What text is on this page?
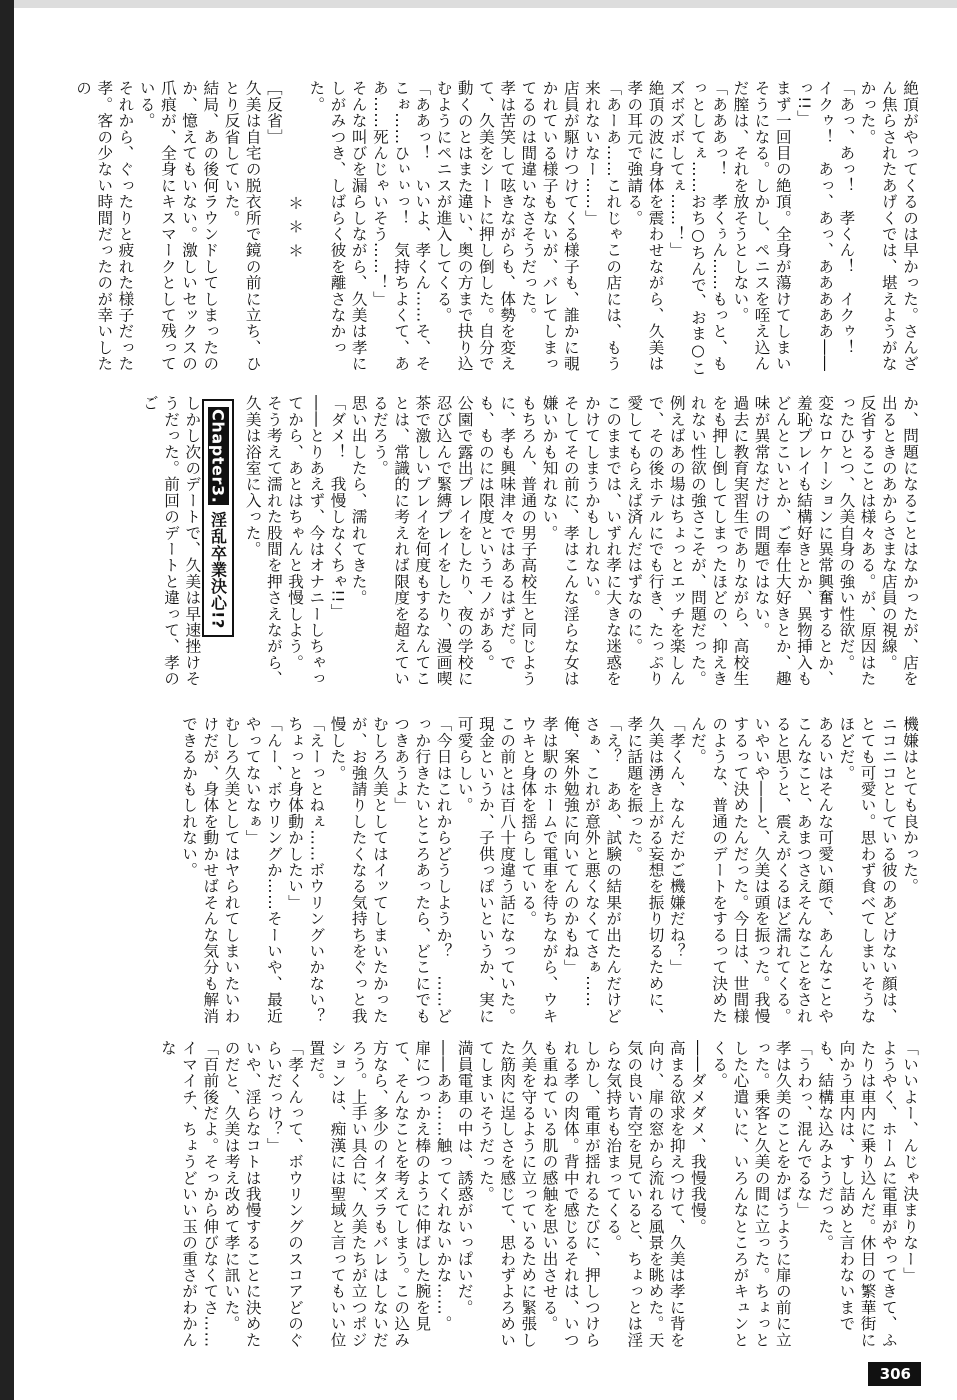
絶頂がやってくるのは早かった。さんざん焦らされたあげくでは、堪えようがなかった。

「あっ、あっ！　孝くん！　イクゥ！　イクゥ！　あっ、あっ、あああああ――っ!!」

まず一回目の絶頂。全身が蕩けてしまいそうになる。しかし、ペニスを咥え込んだ膣は、それを放そうとしない。

「あああっ！　孝くぅん……もっと、もっとしてぇ……おち○ちんで、おま○こズボズボしてぇ……！」

絶頂の波に身体を震わせながら、久美は孝の耳元で強請る。

「あーあ……これじゃこの店には、もう来れないなー……」

店員が駆けつけてくる様子も、誰かに覗かれている様子もないが、バレてしまってるのは間違いなさそうだった。

孝は苦笑して呟きながらも、体勢を変えて、久美をシートに押し倒した。自分で動くのとはまた違い、奥の方まで抉り込むようにペニスが進入してくる。

「ああっ！　いいよ、孝くん……そ、そこぉ……ひぃぃっ！　気持ちよくて、ああ……死んじゃいそう……！」

そんな叫びを漏らしながら、久美は孝にしがみつき、しばらく彼を離さなかった。

＊＊＊

［反省］

久美は自宅の脱衣所で鏡の前に立ち、ひとり反省していた。

結局、あの後何ラウンドしてしまったのか、憶えてもいない。激しいセックスの爪痕が、全身にキスマークとして残っている。

それから、ぐったりと疲れた様子だった孝。客の少ない時間だったのが幸いしたの

か、問題になることはなかったが、店を出るときのあからさまな店員の視線。

反省することは様々ある。が、原因はたったひとつ、久美自身の強い性欲だ。

変なロケーションに異常興奮するとか、羞恥プレイも結構好きとか、異物挿入もどんとこいとか、ご奉仕大好きとか、趣味が異常なだけの問題ではない。

過去に教育実習生でありながら、高校生をも押し倒してしまったほどの、抑えきれない性欲の強さこそが、問題だった。

例えばあの場はちょっとエッチを楽しんで、その後ホテルにでも行き、たっぷり愛してもらえば済んだはずなのに。

このままでは、いずれ孝に大きな迷惑をかけてしまうかもしれない。

そしてその前に、孝はこんな淫らな女は嫌いかも知れない。

もちろん、普通の男子高校生と同じように、孝も興味津々ではあるはずだ。でも、ものには限度というモノがある。

公園で露出プレイをしたり、夜の学校に忍び込んで緊縛プレイをしたり、漫画喫茶で激しいプレイを何度もするなんてことは、常識的に考えれば限度を超えているだろう。

思い出したら、濡れてきた。

「ダメ！　我慢しなくちゃ!!」

――とりあえず、今はオナニーしちゃってから、あとはちゃんと我慢しよう。

そう考えて濡れた股間を押さえながら、久美は浴室に入った。

Chapter3. 淫乱卒業決心!?

しかし次のデートで、久美は早速挫けそうだった。前回のデートと違って、孝のご

機嫌はとても良かった。

ニコニコとしている彼のあどけない顔は、とても可愛い。思わず食べてしまいそうなほどだ。

あるいはそんな可愛い顔で、あんなことやこんなこと、あまつさえそんなことをされると思うと、震えがくるほど濡れてくる。

いやいや――と、久美は頭を振った。我慢するって決めたんだった。今日は、世間様のような、普通のデートをするって決めたんだ。

「孝くん、なんだかご機嫌だね？」

久美は湧き上がる妄想を振り切るために、孝に話題を振った。

「え？　ああ、試験の結果が出たんだけどさぁ、これが意外と悪くなくてさぁ……俺、案外勉強に向いてんのかもね」

孝は駅のホームで電車を待ちながら、ウキウキと身体を揺らしている。

この前とは百八十度違う話になっていた。現金というか、子供っぽいというか、実に可愛らしい。

「今日はこれからどうしようか？　……どっか行きたいところあったら、どこにでもつきあうよ」

むしろ久美としてはイッてしまいたかったが、お強請りしたくなる気持ちをぐっと我慢した。

「えーっとねぇ……ボウリングいかない？　ちょっと身体動かしたい」

「んー、ボウリングか……そーいや、最近やってないなぁ」

むしろ久美としてはヤられてしまいたいわけだが、身体を動かせばそんな気分も解消できるかもしれない。

「いいよー、んじゃ決まりなー」

ようやく、ホームに電車がやってきて、ふたりは車内に乗り込んだ。休日の繁華街に向かう車内は、すし詰めと言わないまでも、結構な込みようだった。

「うわっ、混んでるな」

孝は久美のことをかばうように扉の前に立った。乗客と久美の間に立った。ちょっとした心遣いに、いろんなところがキュンとくる。

――ダメダメ、我慢我慢。

高まる欲求を抑えつけて、久美は孝に背を向け、扉の窓から流れる風景を眺めた。天気の良い青空を見ていると、ちょっとは淫らな気持ちも治まってくる。

しかし、電車が揺れるたびに、押しつけられる孝の肉体。背中で感じるそれは、いつも重ねている肌の感触を思い出させる。

久美を守るように立っているために緊張した筋肉に逞しさを感じて、思わずよろめいてしまいそうだった。

満員電車の中は、誘惑がいっぱいだ。

――ああ……触ってくれないかな……。

扉につっかえ棒のように伸ばした腕を見て、そんなことを考えてしまう。この込み方なら、多少のイタズラもバレはしないだろう。上手い具合に、久美たちが立つポジションは、痴漢には聖域と言ってもいい位置だ。

「孝くんって、ボウリングのスコアどのぐらいだっけ？」

いや、淫らなコトは我慢することに決めたのだと、久美は考え改めて孝に訊いた。

「百前後だよ。そっから伸びなくてさ……イマイチ、ちょうどいい玉の重さがわかんな

306
